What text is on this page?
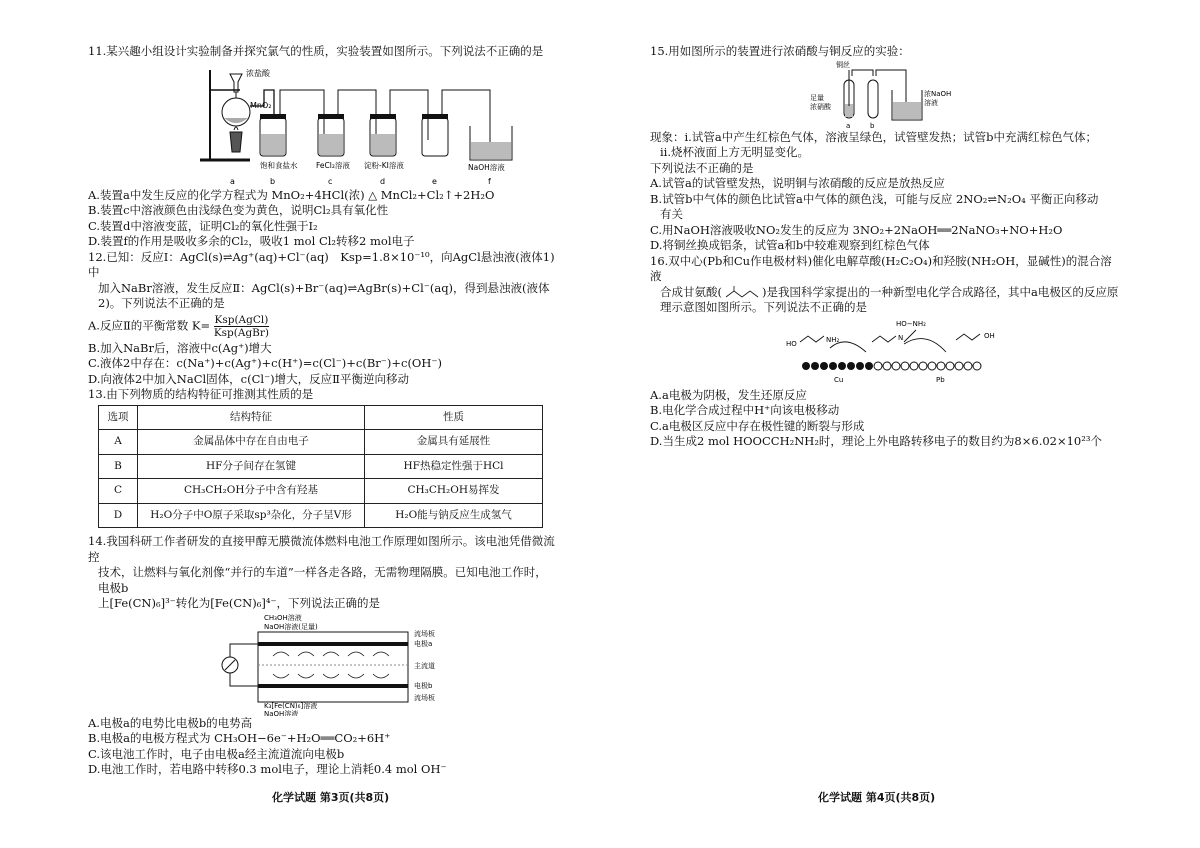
11.某兴趣小组设计实验制备并探究氯气的性质，实验装置如图所示。下列说法不正确的是

浓盐酸
MnO₂
饱和食盐水 FeCl₂溶液 淀粉-KI溶液	NaOH溶液
a	b	c	d	e	f

A.装置a中发生反应的化学方程式为 MnO₂+4HCl(浓) △ MnCl₂+Cl₂↑+2H₂O

B.装置c中溶液颜色由浅绿色变为黄色，说明Cl₂具有氧化性

C.装置d中溶液变蓝，证明Cl₂的氧化性强于I₂

D.装置f的作用是吸收多余的Cl₂，吸收1 mol Cl₂转移2 mol电子

12.已知：反应Ⅰ：AgCl(s)⇌Ag⁺(aq)+Cl⁻(aq)　Ksp=1.8×10⁻¹⁰，向AgCl悬浊液(液体1)中

加入NaBr溶液，发生反应Ⅱ：AgCl(s)+Br⁻(aq)⇌AgBr(s)+Cl⁻(aq)，得到悬浊液(液体

2)。下列说法不正确的是

A.反应Ⅱ的平衡常数 $K= \frac{\text{Ksp(AgCl)}}{\text{Ksp(AgBr)}}$

B.加入NaBr后，溶液中c(Ag⁺)增大

C.液体2中存在：c(Na⁺)+c(Ag⁺)+c(H⁺)=c(Cl⁻)+c(Br⁻)+c(OH⁻)

D.向液体2中加入NaCl固体，c(Cl⁻)增大，反应Ⅱ平衡逆向移动

13.由下列物质的结构特征可推测其性质的是

选项	结构特征	性质
A	金属晶体中存在自由电子	金属具有延展性
B	HF分子间存在氢键	HF热稳定性强于HCl
C	CH₃CH₂OH分子中含有羟基	CH₃CH₂OH易挥发
D	H₂O分子中O原子采取sp³杂化，分子呈V形	H₂O能与钠反应生成氢气

14.我国科研工作者研发的直接甲醇无膜微流体燃料电池工作原理如图所示。该电池凭借微流控

技术，让燃料与氧化剂像“并行的车道”一样各走各路，无需物理隔膜。已知电池工作时，电极b

上[Fe(CN)₆]³⁻转化为[Fe(CN)₆]⁴⁻，下列说法正确的是

CH₃OH溶液
NaOH溶液(足量)
K₃[Fe(CN)₆]溶液
NaOH溶液
流场板
电极a
主流道
电极b
流场板

A.电极a的电势比电极b的电势高

B.电极a的电极方程式为 CH₃OH−6e⁻+H₂O══CO₂+6H⁺

C.该电池工作时，电子由电极a经主流道流向电极b

D.电池工作时，若电路中转移0.3 mol电子，理论上消耗0.4 mol OH⁻

化学试题 第3页(共8页)

15.用如图所示的装置进行浓硝酸与铜反应的实验：

铜丝
足量
浓硝酸
浓NaOH
溶液
a	b

现象：ⅰ.试管a中产生红棕色气体，溶液呈绿色，试管壁发热；试管b中充满红棕色气体；

ⅱ.烧杯液面上方无明显变化。

下列说法不正确的是

A.试管a的试管壁发热，说明铜与浓硝酸的反应是放热反应

B.试管b中气体的颜色比试管a中气体的颜色浅，可能与反应 2NO₂⇌N₂O₄ 平衡正向移动

有关

C.用NaOH溶液吸收NO₂发生的反应为 3NO₂+2NaOH══2NaNO₃+NO+H₂O

D.将铜丝换成铝条，试管a和b中较难观察到红棕色气体

16.双中心(Pb和Cu作电极材料)催化电解草酸(H₂C₂O₄)和羟胺(NH₂OH，显碱性)的混合溶液

合成甘氨酸(	)是我国科学家提出的一种新型电化学合成路径，其中a电极区的反应原

理示意图如图所示。下列说法不正确的是

HO−NH₂
HO	NH₂	N	OH
Cu	Pb

A.a电极为阴极，发生还原反应

B.电化学合成过程中H⁺向该电极移动

C.a电极区反应中存在极性键的断裂与形成

D.当生成2 mol HOOCCH₂NH₂时，理论上外电路转移电子的数目约为8×6.02×10²³个

化学试题 第4页(共8页)
